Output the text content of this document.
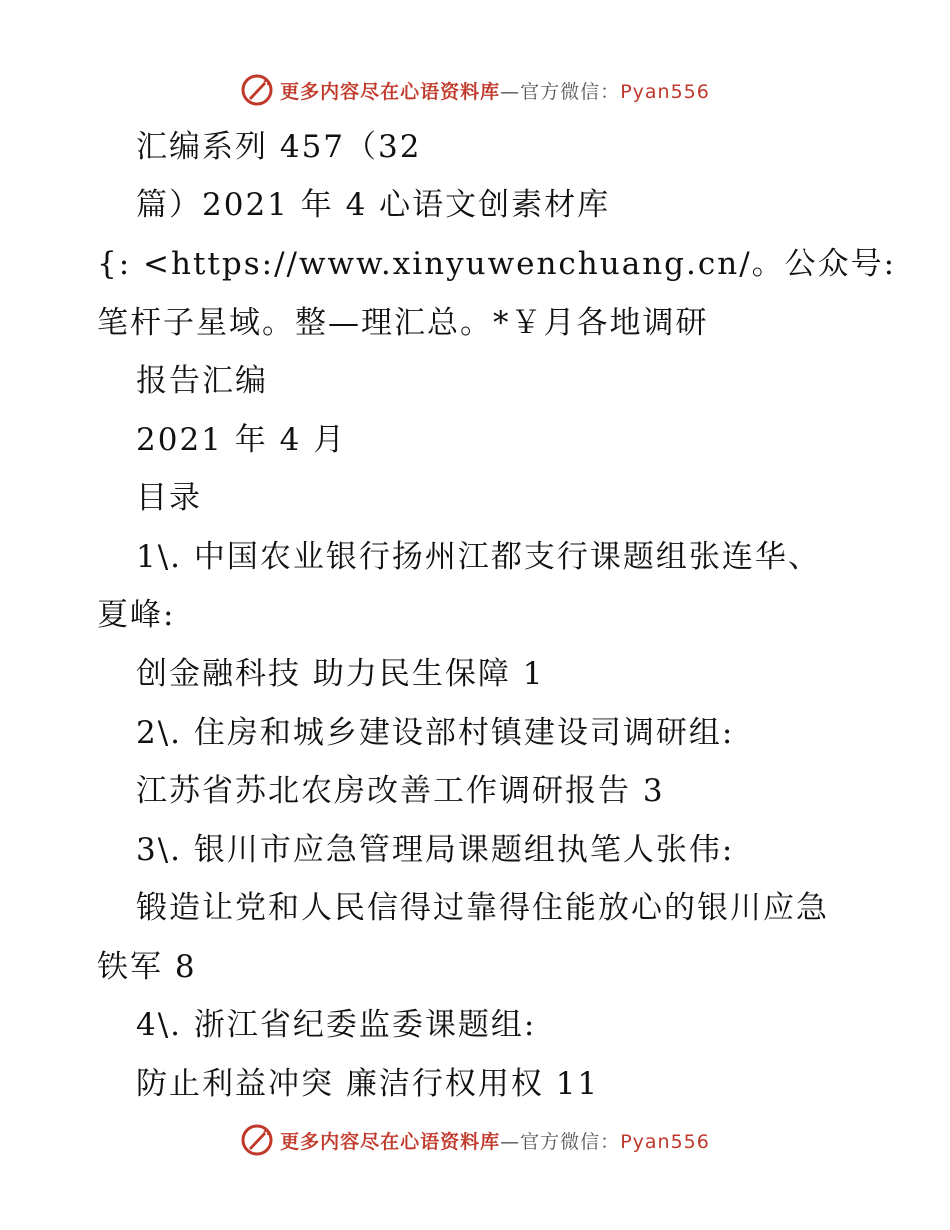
更多内容尽在心语资料库—官方微信：Pyan556
汇编系列 457（32
篇）2021 年 4 心语文创素材库
{: <https://www.xinyuwenchuang.cn/。公众号:
笔杆子星域。整—理汇总。*￥月各地调研
报告汇编
2021 年 4 月
目录
1\. 中国农业银行扬州江都支行课题组张连华、
夏峰:
创金融科技 助力民生保障 1
2\. 住房和城乡建设部村镇建设司调研组:
江苏省苏北农房改善工作调研报告 3
3\. 银川市应急管理局课题组执笔人张伟:
锻造让党和人民信得过靠得住能放心的银川应急
铁军 8
4\. 浙江省纪委监委课题组:
防止利益冲突 廉洁行权用权 11
更多内容尽在心语资料库—官方微信：Pyan556
